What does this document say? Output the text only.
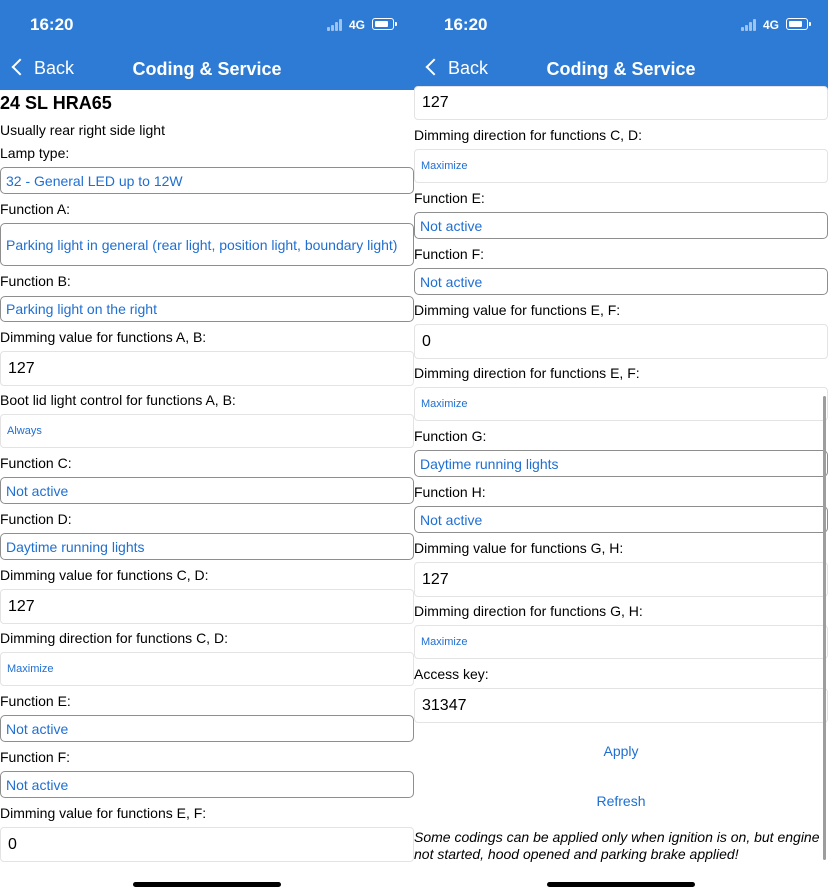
16:20	4G
Back	Coding & Service
24 SL HRA65
Usually rear right side light
Lamp type:
32 - General LED up to 12W
Function A:
Parking light in general (rear light, position light, boundary light)
Function B:
Parking light on the right
Dimming value for functions A, B:
127
Boot lid light control for functions A, B:
Always
Function C:
Not active
Function D:
Daytime running lights
Dimming value for functions C, D:
127
Dimming direction for functions C, D:
Maximize
Function E:
Not active
Function F:
Not active
Dimming value for functions E, F:
0
16:20	4G
Back	Coding & Service
127
Dimming direction for functions C, D:
Maximize
Function E:
Not active
Function F:
Not active
Dimming value for functions E, F:
0
Dimming direction for functions E, F:
Maximize
Function G:
Daytime running lights
Function H:
Not active
Dimming value for functions G, H:
127
Dimming direction for functions G, H:
Maximize
Access key:
31347
Apply
Refresh
Some codings can be applied only when ignition is on, but engine not started, hood opened and parking brake applied!
